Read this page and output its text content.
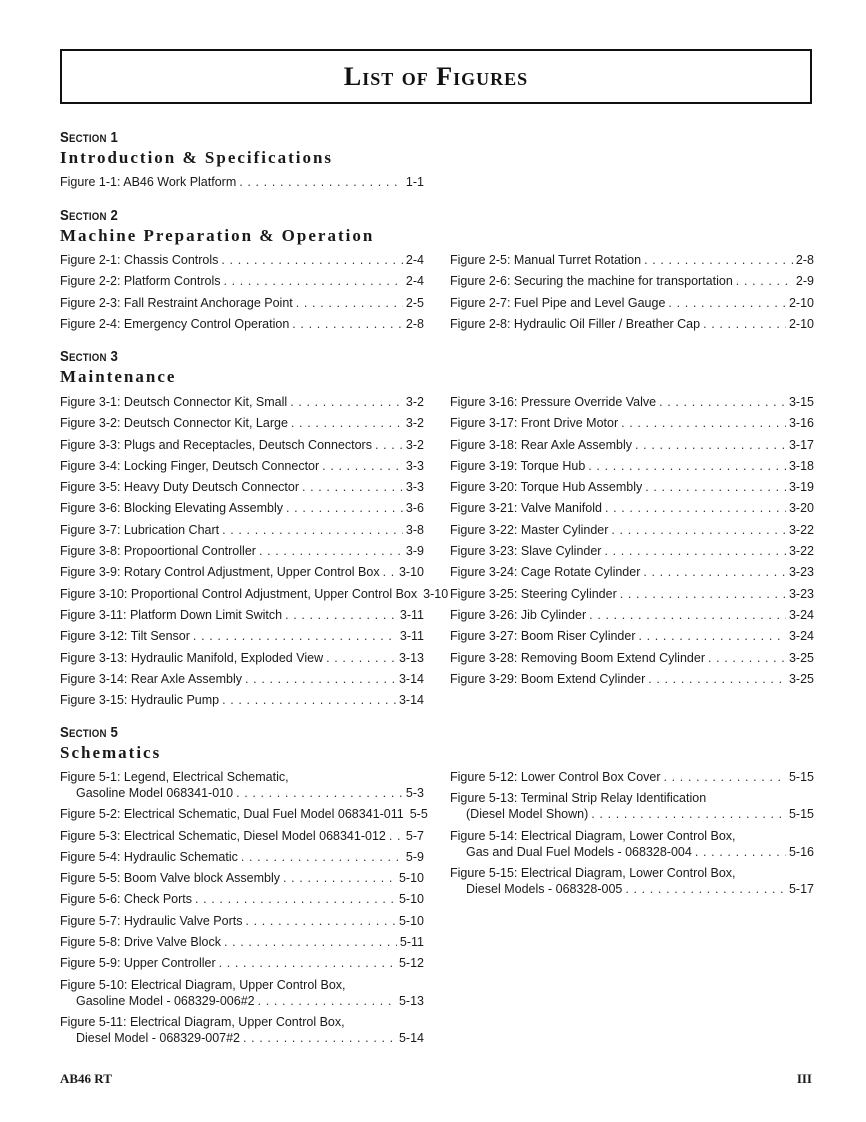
List of Figures
Section 1
Introduction & Specifications
Figure 1-1: AB46 Work Platform . . .	1-1
Section 2
Machine Preparation & Operation
Figure 2-1: Chassis Controls . . .	2-4
Figure 2-2: Platform Controls . . .	2-4
Figure 2-3: Fall Restraint Anchorage Point . . .	2-5
Figure 2-4: Emergency Control Operation . . .	2-8
Figure 2-5: Manual Turret Rotation . . .	2-8
Figure 2-6: Securing the machine for transportation . . .	2-9
Figure 2-7: Fuel Pipe and Level Gauge . . .	2-10
Figure 2-8: Hydraulic Oil Filler / Breather Cap . . .	2-10
Section 3
Maintenance
Figure 3-1: Deutsch Connector Kit, Small . . .	3-2
Figure 3-2: Deutsch Connector Kit, Large . . .	3-2
Figure 3-3: Plugs and Receptacles, Deutsch Connectors . . .	3-2
Figure 3-4: Locking Finger, Deutsch Connector . . .	3-3
Figure 3-5: Heavy Duty Deutsch Connector . . .	3-3
Figure 3-6: Blocking Elevating Assembly . . .	3-6
Figure 3-7: Lubrication Chart . . .	3-8
Figure 3-8: Propoortional Controller . . .	3-9
Figure 3-9: Rotary Control Adjustment, Upper Control Box . . . 3-10
Figure 3-10: Proportional Control Adjustment, Upper Control Box 3-10
Figure 3-11: Platform Down Limit Switch . . .	3-11
Figure 3-12: Tilt Sensor . . .	3-11
Figure 3-13: Hydraulic Manifold, Exploded View . . .	3-13
Figure 3-14: Rear Axle Assembly . . .	3-14
Figure 3-15: Hydraulic Pump . . .	3-14
Figure 3-16: Pressure Override Valve . . .	3-15
Figure 3-17: Front Drive Motor . . .	3-16
Figure 3-18: Rear Axle Assembly . . .	3-17
Figure 3-19: Torque Hub . . .	3-18
Figure 3-20: Torque Hub Assembly . . .	3-19
Figure 3-21: Valve Manifold . . .	3-20
Figure 3-22: Master Cylinder . . .	3-22
Figure 3-23: Slave Cylinder . . .	3-22
Figure 3-24: Cage Rotate Cylinder . . .	3-23
Figure 3-25: Steering Cylinder . . .	3-23
Figure 3-26: Jib Cylinder . . .	3-24
Figure 3-27: Boom Riser Cylinder . . .	3-24
Figure 3-28: Removing Boom Extend Cylinder . . .	3-25
Figure 3-29: Boom Extend Cylinder . . .	3-25
Section 5
Schematics
Figure 5-1: Legend, Electrical Schematic,
Gasoline Model 068341-010 . . .	5-3
Figure 5-2: Electrical Schematic, Dual Fuel Model 068341-011 5-5
Figure 5-3: Electrical Schematic, Diesel Model 068341-012 . . . 5-7
Figure 5-4: Hydraulic Schematic . . .	5-9
Figure 5-5: Boom Valve block Assembly . . .	5-10
Figure 5-6: Check Ports . . .	5-10
Figure 5-7: Hydraulic Valve Ports . . .	5-10
Figure 5-8: Drive Valve Block . . .	5-11
Figure 5-9: Upper Controller . . .	5-12
Figure 5-10: Electrical Diagram, Upper Control Box,
Gasoline Model - 068329-006#2 . . .	5-13
Figure 5-11: Electrical Diagram, Upper Control Box,
Diesel Model - 068329-007#2 . . .	5-14
Figure 5-12: Lower Control Box Cover . . .	5-15
Figure 5-13: Terminal Strip Relay Identification
(Diesel Model Shown) . . .	5-15
Figure 5-14: Electrical Diagram, Lower Control Box,
Gas and Dual Fuel Models - 068328-004 . . .	5-16
Figure 5-15: Electrical Diagram, Lower Control Box,
Diesel Models - 068328-005 . . .	5-17
AB46 RT	III
